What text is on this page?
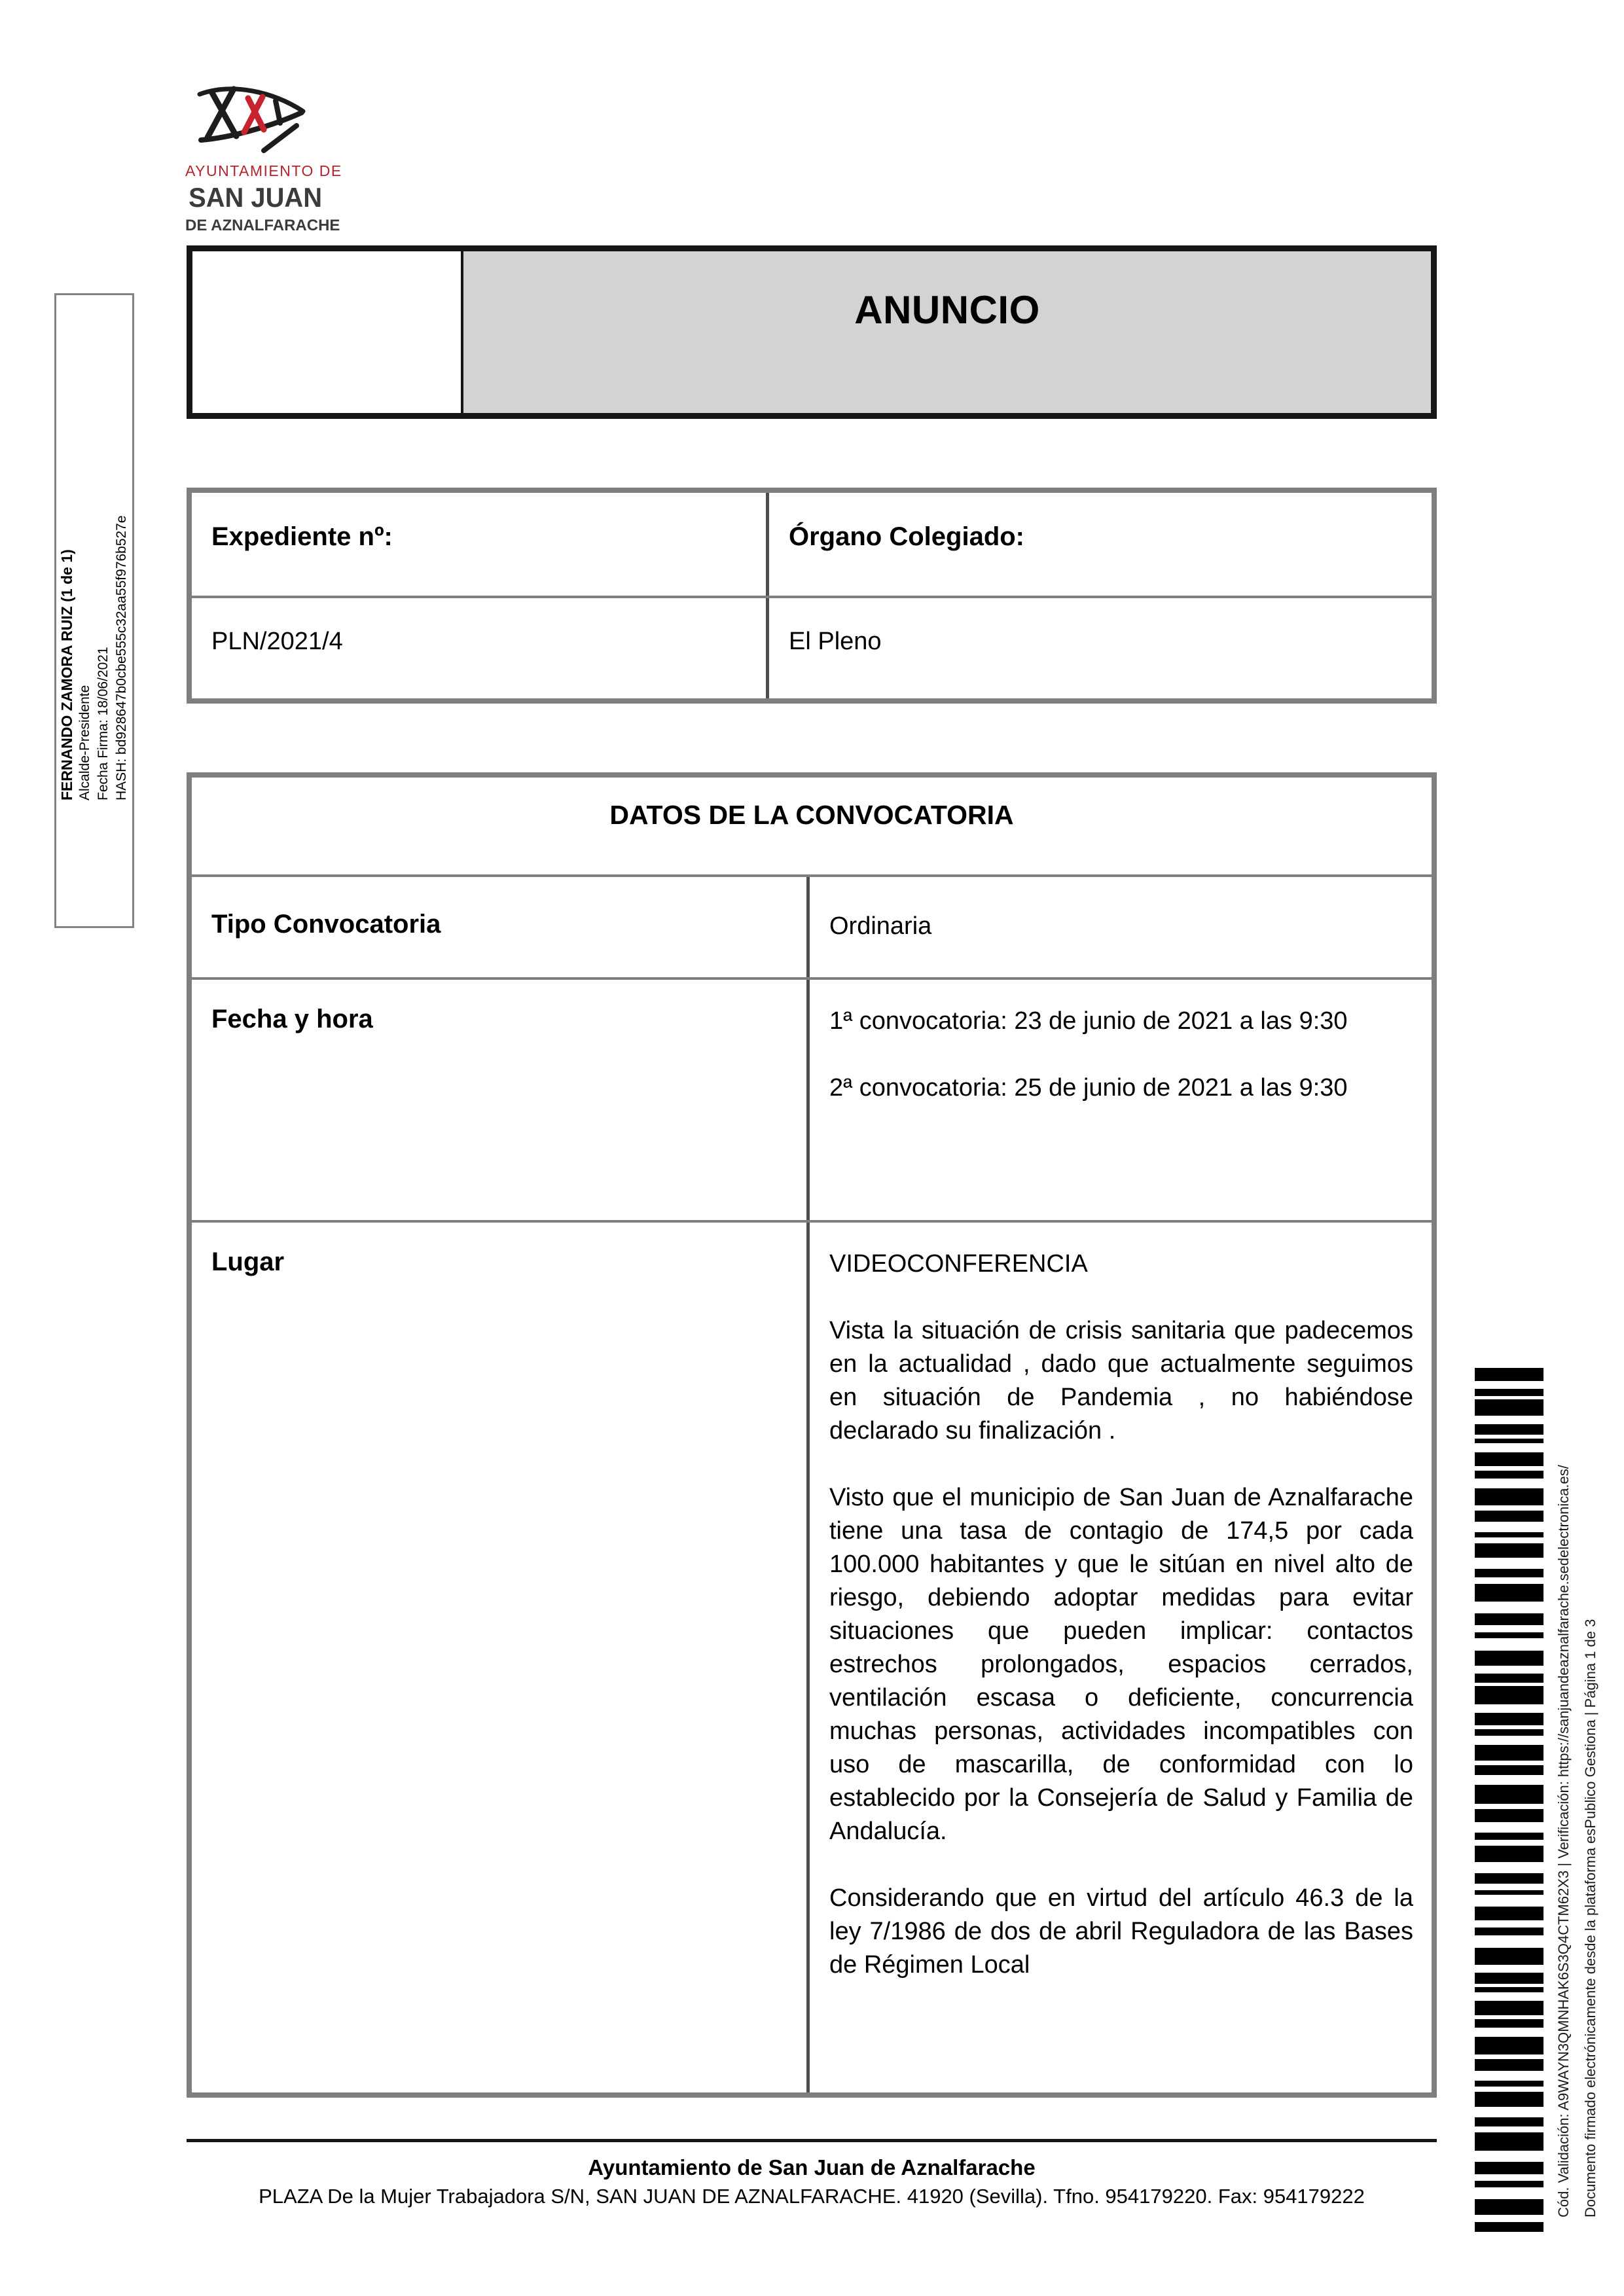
AYUNTAMIENTO DE
SAN JUAN
DE AZNALFARACHE
FERNANDO ZAMORA RUIZ (1 de 1) Alcalde-Presidente Fecha Firma: 18/06/2021 HASH: bd928647b0cbe555c32aa55f976b527e
ANUNCIO
Expediente nº:	Órgano Colegiado:
PLN/2021/4	El Pleno
DATOS DE LA CONVOCATORIA
Tipo Convocatoria	Ordinaria
Fecha y hora	1ª convocatoria: 23 de junio de 2021 a las 9:30

2ª convocatoria: 25 de junio de 2021 a las 9:30

Lugar	VIDEOCONFERENCIA

Vista la situación de crisis sanitaria que padecemos en la actualidad , dado que actualmente seguimos en situación de Pandemia , no habiéndose declarado su finalización .

Visto que el municipio de San Juan de Aznalfarache tiene una tasa de contagio de 174,5 por cada 100.000 habitantes y que le sitúan en nivel alto de riesgo, debiendo adoptar medidas para evitar situaciones que pueden implicar: contactos estrechos prolongados, espacios cerrados, ventilación escasa o deficiente, concurrencia muchas personas, actividades incompatibles con uso de mascarilla, de conformidad con lo establecido por la Consejería de Salud y Familia de Andalucía.

Considerando que en virtud del artículo 46.3 de la ley 7/1986 de dos de abril Reguladora de las Bases de Régimen Local

Ayuntamiento de San Juan de Aznalfarache
PLAZA De la Mujer Trabajadora S/N, SAN JUAN DE AZNALFARACHE. 41920 (Sevilla). Tfno. 954179220. Fax: 954179222	Cód. Validación: A9WAYN3QMNHAK6S3Q4CTM62X3 | Verificación: https://sanjuandeaznalfarache.sedelectronica.es/ Documento firmado electrónicamente desde la plataforma esPublico Gestiona | Página 1 de 3
